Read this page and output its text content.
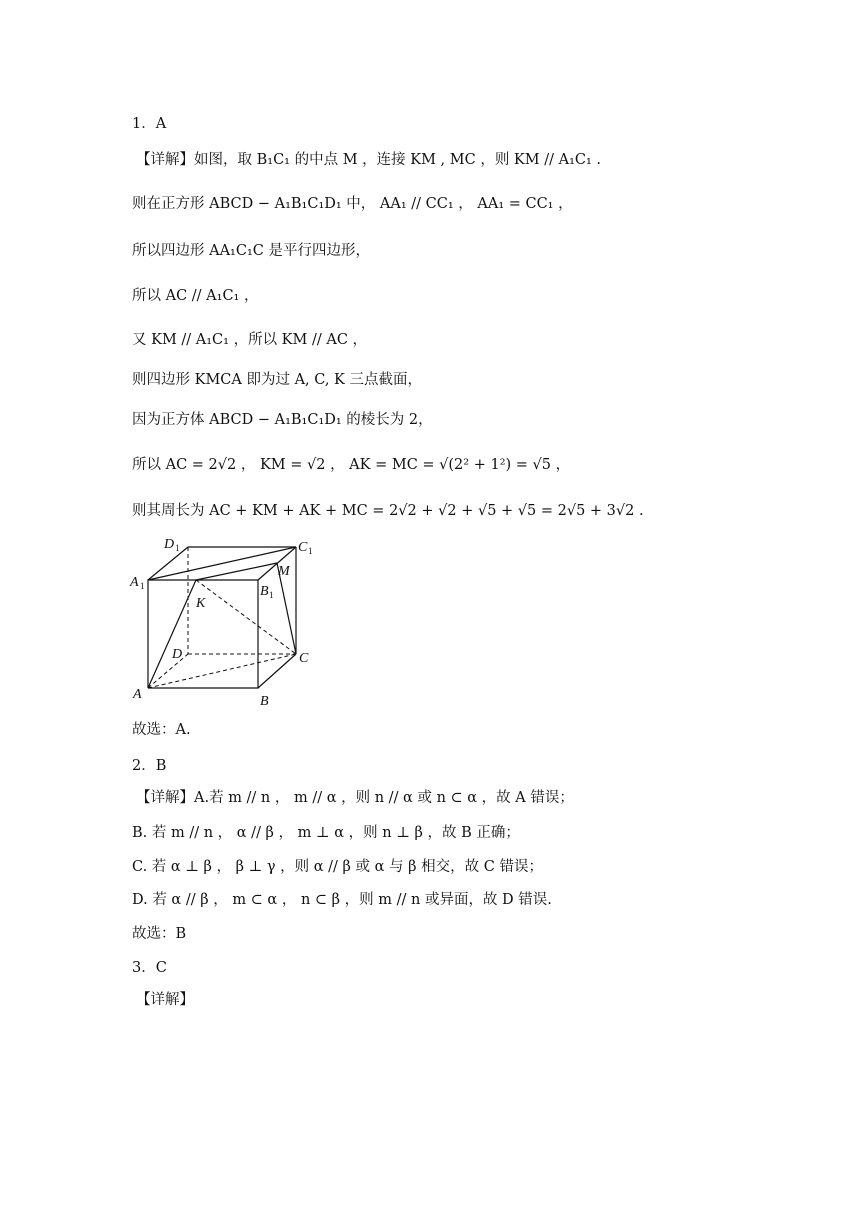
1．A
【详解】如图，取 B₁C₁ 的中点 M ，连接 KM , MC ，则 KM // A₁C₁ .
则在正方形 ABCD − A₁B₁C₁D₁ 中， AA₁ // CC₁ ， AA₁ = CC₁ ，
所以四边形 AA₁C₁C 是平行四边形，
所以 AC // A₁C₁ ，
又 KM // A₁C₁ ，所以 KM // AC ，
则四边形 KMCA 即为过 A, C, K 三点截面，
因为正方体 ABCD − A₁B₁C₁D₁ 的棱长为 2，
所以 AC = 2√2 ， KM = √2 ， AK = MC = √(2² + 1²) = √5 ，
则其周长为 AC + KM + AK + MC = 2√2 + √2 + √5 + √5 = 2√5 + 3√2 .
D 1	C 1
A 1	B 1
M
K
D	C
A	B
故选：A.
2．B
【详解】A.若 m // n ， m // α ，则 n // α 或 n ⊂ α ，故 A 错误；
B. 若 m // n ， α // β ， m ⊥ α ，则 n ⊥ β ，故 B 正确；
C. 若 α ⊥ β ， β ⊥ γ ，则 α // β 或 α 与 β 相交，故 C 错误；
D. 若 α // β ， m ⊂ α ， n ⊂ β ，则 m // n 或异面，故 D 错误.
故选：B
3．C
【详解】
